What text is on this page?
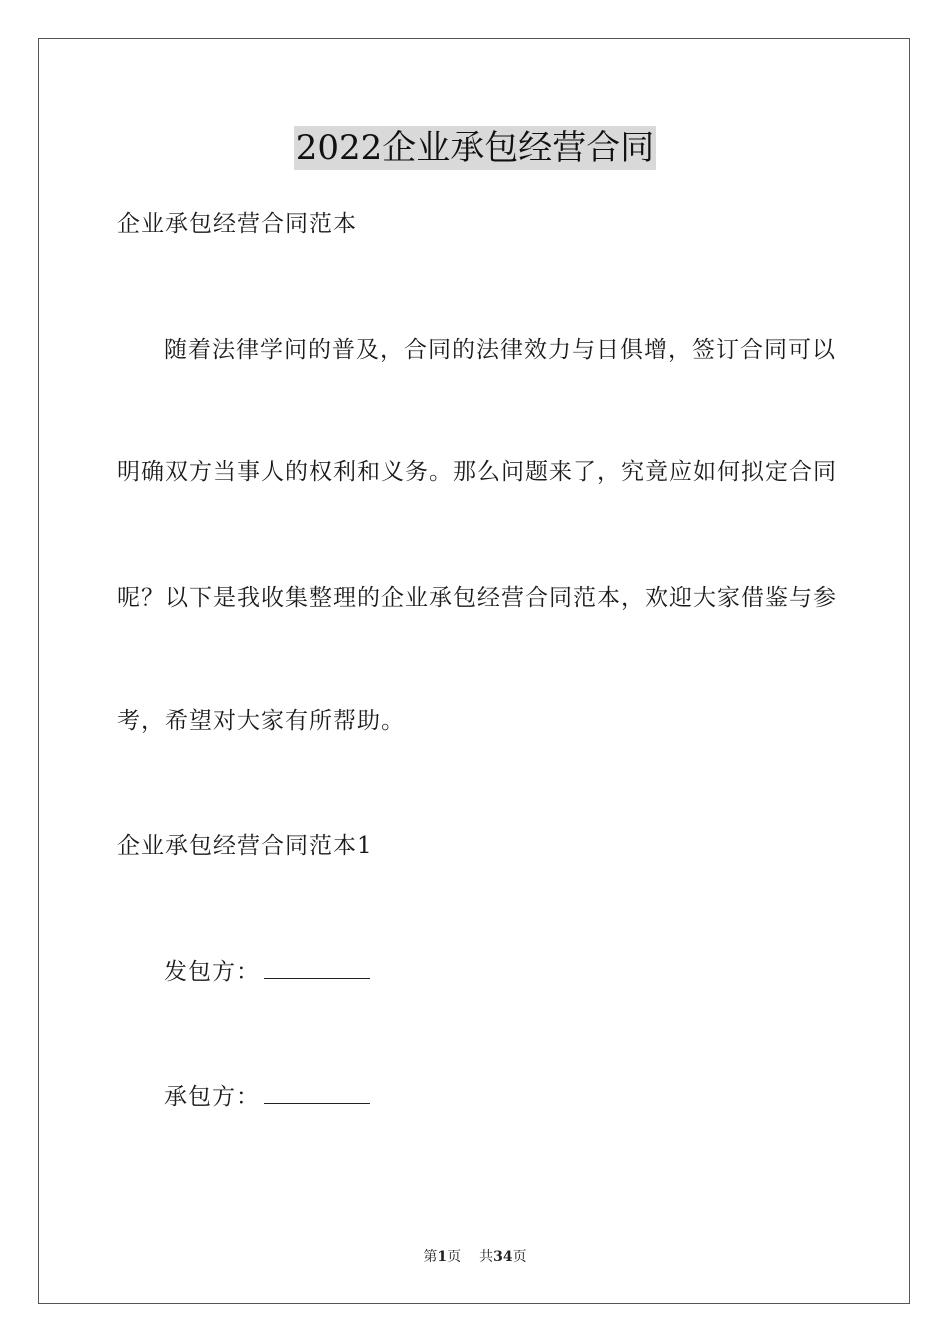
2022企业承包经营合同
企业承包经营合同范本
随着法律学问的普及，合同的法律效力与日俱增，签订合同可以
明确双方当事人的权利和义务。那么问题来了，究竟应如何拟定合同
呢？以下是我收集整理的企业承包经营合同范本，欢迎大家借鉴与参
考，希望对大家有所帮助。
企业承包经营合同范本1
发包方：
承包方：
第1页 共34页
